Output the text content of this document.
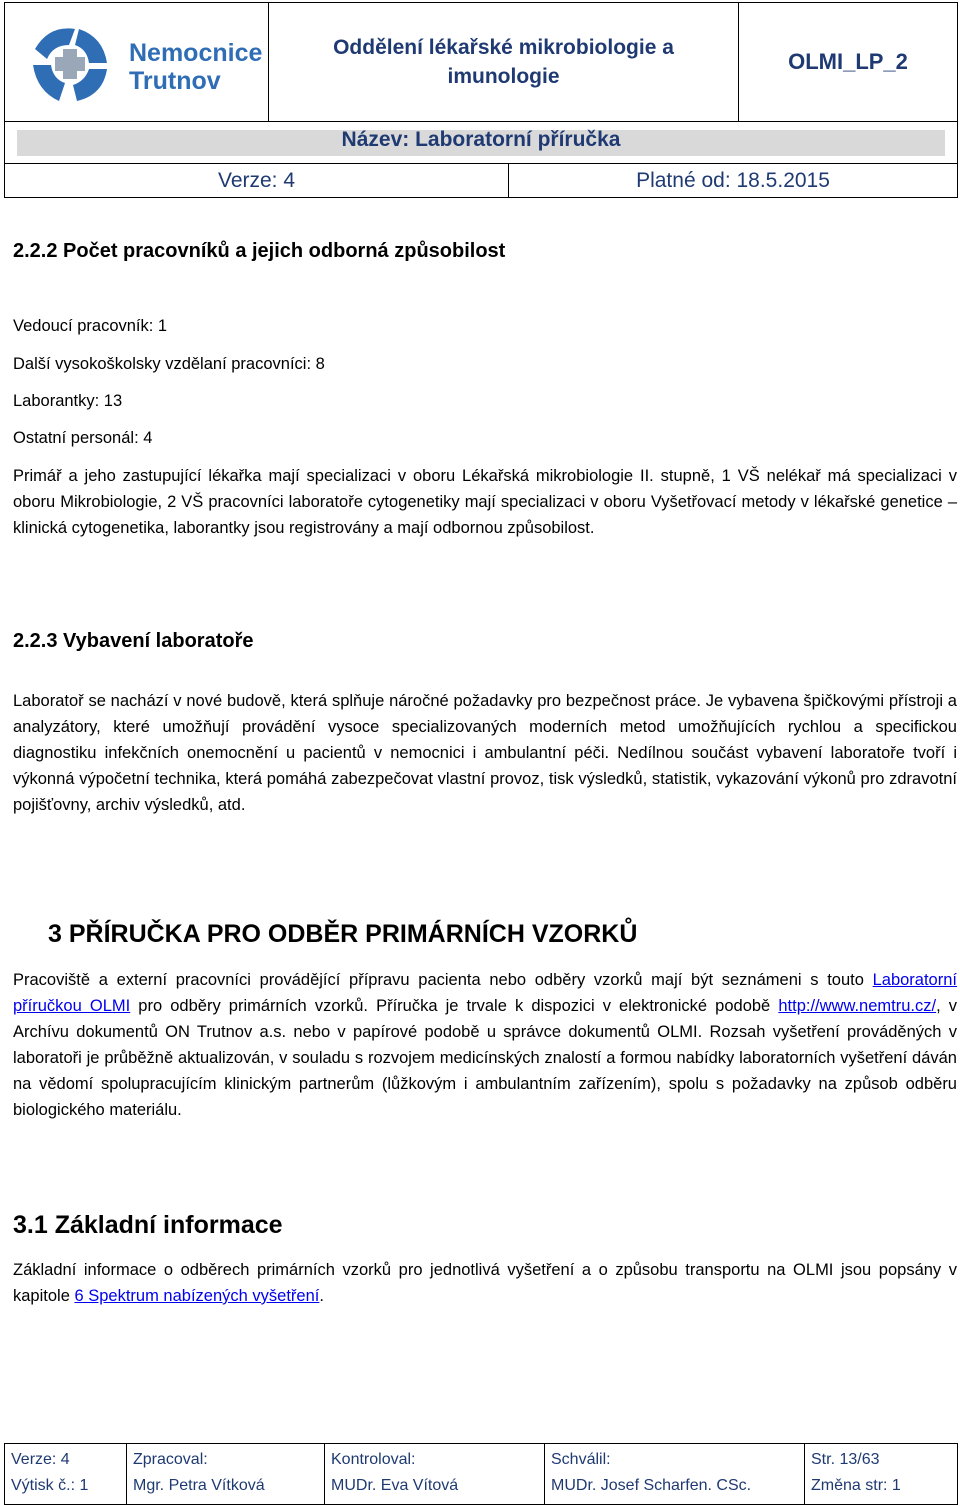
Nemocnice
Trutnov
Oddělení lékařské mikrobiologie a imunologie
OLMI_LP_2
Název: Laboratorní příručka
Verze: 4	Platné od: 18.5.2015
2.2.2 Počet pracovníků a jejich odborná způsobilost
Vedoucí pracovník: 1
Další vysokoškolsky vzdělaní pracovníci: 8
Laborantky: 13
Ostatní personál: 4
Primář a jeho zastupující lékařka mají specializaci v oboru Lékařská mikrobiologie II. stupně, 1 VŠ nelékař má specializaci v oboru Mikrobiologie, 2 VŠ pracovníci laboratoře cytogenetiky mají specializaci v oboru Vyšetřovací metody v lékařské genetice – klinická cytogenetika, laborantky jsou registrovány a mají odbornou způsobilost.
2.2.3 Vybavení laboratoře
Laboratoř se nachází v nové budově, která splňuje náročné požadavky pro bezpečnost práce. Je vybavena špičkovými přístroji a analyzátory, které umožňují provádění vysoce specializovaných moderních metod umožňujících rychlou a specifickou diagnostiku infekčních onemocnění u pacientů v nemocnici i ambulantní péči. Nedílnou součást vybavení laboratoře tvoří i výkonná výpočetní technika, která pomáhá zabezpečovat vlastní provoz, tisk výsledků, statistik, vykazování výkonů pro zdravotní pojišťovny, archiv výsledků, atd.
3 PŘÍRUČKA PRO ODBĚR PRIMÁRNÍCH VZORKŮ
Pracoviště a externí pracovníci provádějící přípravu pacienta nebo odběry vzorků mají být seznámeni s touto Laboratorní příručkou OLMI pro odběry primárních vzorků. Příručka je trvale k dispozici v elektronické podobě http://www.nemtru.cz/, v Archívu dokumentů ON Trutnov a.s. nebo v papírové podobě u správce dokumentů OLMI. Rozsah vyšetření prováděných v laboratoři je průběžně aktualizován, v souladu s rozvojem medicínských znalostí a formou nabídky laboratorních vyšetření dáván na vědomí spolupracujícím klinickým partnerům (lůžkovým i ambulantním zařízením), spolu s požadavky na způsob odběru biologického materiálu.
3.1 Základní informace
Základní informace o odběrech primárních vzorků pro jednotlivá vyšetření a o způsobu transportu na OLMI jsou popsány v kapitole 6 Spektrum nabízených vyšetření.
Verze: 4
Výtisk č.: 1
Zpracoval:
Mgr. Petra Vítková
Kontroloval:
MUDr. Eva Vítová
Schválil:
MUDr. Josef Scharfen. CSc.
Str. 13/63
Změna str: 1
